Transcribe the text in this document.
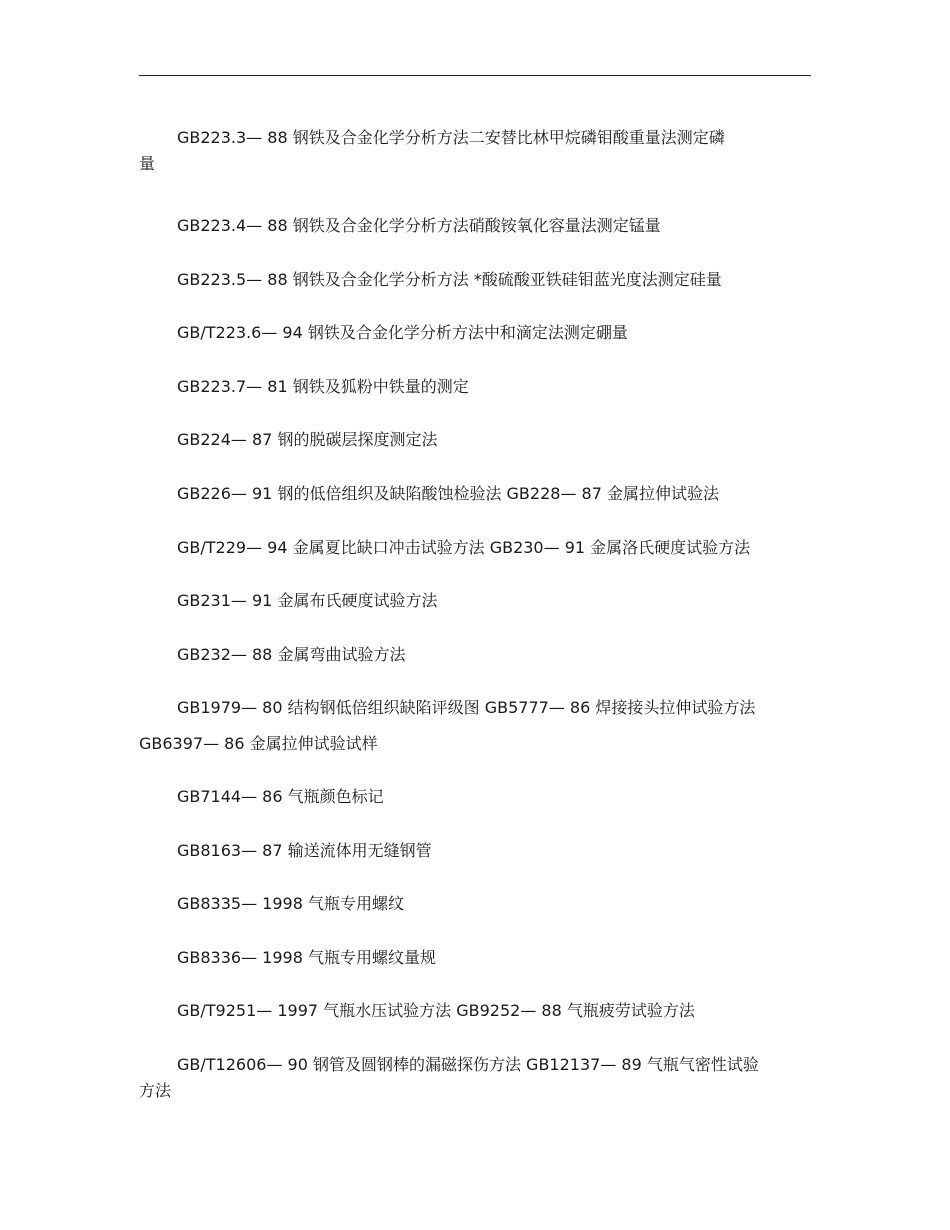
GB223.3— 88 钢铁及合金化学分析方法二安替比林甲烷磷钼酸重量法测定磷
量
GB223.4— 88 钢铁及合金化学分析方法硝酸铵氧化容量法测定锰量
GB223.5— 88 钢铁及合金化学分析方法 *酸硫酸亚铁硅钼蓝光度法测定硅量
GB/T223.6— 94 钢铁及合金化学分析方法中和滴定法测定硼量
GB223.7— 81 钢铁及狐粉中铁量的测定
GB224— 87 钢的脱碳层探度测定法
GB226— 91 钢的低倍组织及缺陷酸蚀检验法 GB228— 87 金属拉伸试验法
GB/T229— 94 金属夏比缺口冲击试验方法 GB230— 91 金属洛氏硬度试验方法
GB231— 91 金属布氏硬度试验方法
GB232— 88 金属弯曲试验方法
GB1979— 80 结构钢低倍组织缺陷评级图 GB5777— 86 焊接接头拉伸试验方法
GB6397— 86 金属拉伸试验试样
GB7144— 86 气瓶颜色标记
GB8163— 87 输送流体用无缝钢管
GB8335— 1998 气瓶专用螺纹
GB8336— 1998 气瓶专用螺纹量规
GB/T9251— 1997 气瓶水压试验方法 GB9252— 88 气瓶疲劳试验方法
GB/T12606— 90 钢管及圆钢棒的漏磁探伤方法 GB12137— 89 气瓶气密性试验
方法
